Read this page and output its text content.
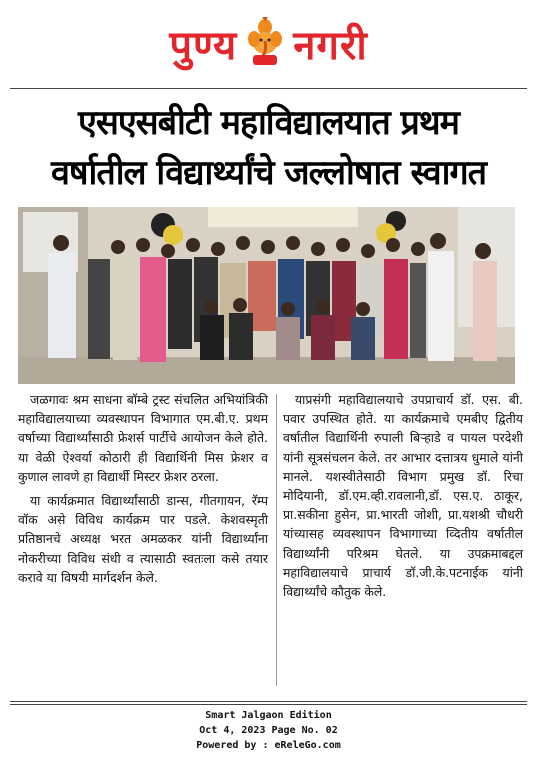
पुण्य नगरी
एसएसबीटी महाविद्यालयात प्रथम
वर्षातील विद्यार्थ्यांचे जल्लोषात स्वागत

जळगावः श्रम साधना बॉम्बे ट्रस्ट संचलित अभियांत्रिकी महाविद्यालयाच्या व्यवस्थापन विभागात एम.बी.ए. प्रथम वर्षाच्या विद्यार्थ्यांसाठी फ्रेशर्स पार्टीचे आयोजन केले होते. या वेळी ऐश्वर्या कोठारी ही विद्यार्थिनी मिस फ्रेशर व कुणाल लावणे हा विद्यार्थी मिस्टर फ्रेशर ठरला.

या कार्यक्रमात विद्यार्थ्यांसाठी डान्स, गीतगायन, रॅम्प वॉक असे विविध कार्यक्रम पार पडले. केशवस्मृती प्रतिष्ठानचे अध्यक्ष भरत अमळकर यांनी विद्यार्थ्यांना नोकरीच्या विविध संधी व त्यासाठी स्वतःला कसे तयार करावे या विषयी मार्गदर्शन केले.

याप्रसंगी महाविद्यालयाचे उपप्राचार्य डॉ. एस. बी. पवार उपस्थित होते. या कार्यक्रमाचे एमबीए द्वितीय वर्षातील विद्यार्थिनी रुपाली बिऱ्हाडे व पायल परदेशी यांनी सूत्रसंचलन केले. तर आभार दत्तात्रय धुमाले यांनी मानले. यशस्वीतेसाठी विभाग प्रमुख डॉ. रिचा मोदियानी, डॉ.एम.व्ही.रावलानी,डॉ. एस.ए. ठाकूर, प्रा.सकीना हुसेन, प्रा.भारती जोशी, प्रा.यशश्री चौधरी यांच्यासह व्यवस्थापन विभागाच्या व्दितीय वर्षातील विद्यार्थ्यांनी परिश्रम घेतले. या उपक्रमाबद्दल महाविद्यालयाचे प्राचार्य डॉ.जी.के.पटनाईक यांनी विद्यार्थ्यांचे कौतुक केले.

Smart Jalgaon Edition
Oct 4, 2023 Page No. 02
Powered by : eReleGo.com
